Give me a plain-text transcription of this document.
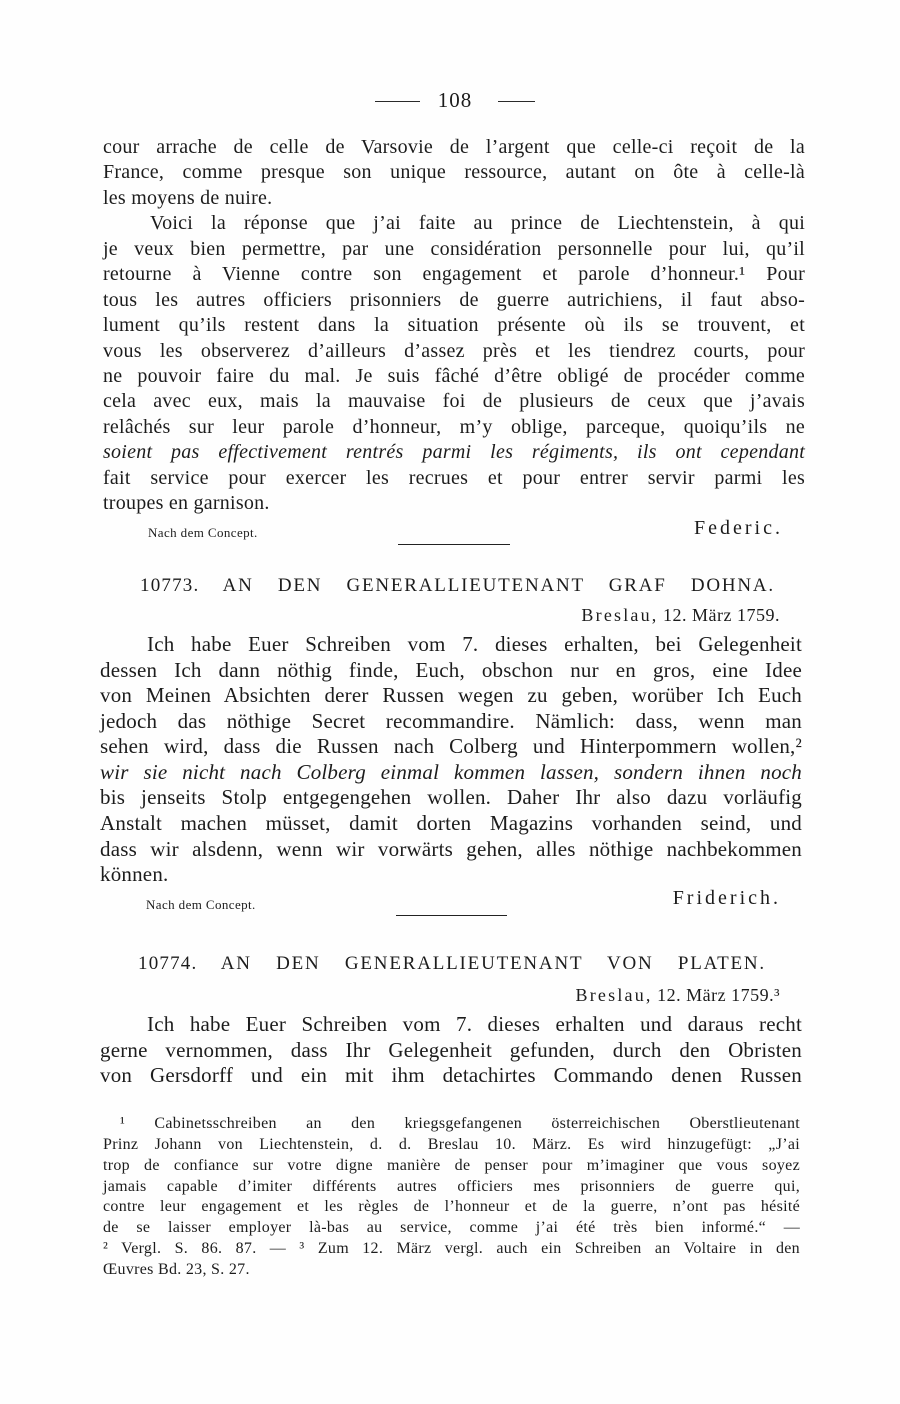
108
cour arrache de celle de Varsovie de l’argent que celle-ci reçoit de la
France, comme presque son unique ressource, autant on ôte à celle-là
les moyens de nuire.
Voici la réponse que j’ai faite au prince de Liechtenstein, à qui
je veux bien permettre, par une considération personnelle pour lui, qu’il
retourne à Vienne contre son engagement et parole d’honneur.¹ Pour
tous les autres officiers prisonniers de guerre autrichiens, il faut abso-
lument qu’ils restent dans la situation présente où ils se trouvent, et
vous les observerez d’ailleurs d’assez près et les tiendrez courts, pour
ne pouvoir faire du mal. Je suis fâché d’être obligé de procéder comme
cela avec eux, mais la mauvaise foi de plusieurs de ceux que j’avais
relâchés sur leur parole d’honneur, m’y oblige, parceque, quoiqu’ils ne
soient pas effectivement rentrés parmi les régiments, ils ont cependant
fait service pour exercer les recrues et pour entrer servir parmi les
troupes en garnison.
Nach dem Concept.	Federic.
10773. AN DEN GENERALLIEUTENANT GRAF DOHNA.
Breslau, 12. März 1759.
Ich habe Euer Schreiben vom 7. dieses erhalten, bei Gelegenheit
dessen Ich dann nöthig finde, Euch, obschon nur en gros, eine Idee
von Meinen Absichten derer Russen wegen zu geben, worüber Ich Euch
jedoch das nöthige Secret recommandire. Nämlich: dass, wenn man
sehen wird, dass die Russen nach Colberg und Hinterpommern wollen,²
wir sie nicht nach Colberg einmal kommen lassen, sondern ihnen noch
bis jenseits Stolp entgegengehen wollen. Daher Ihr also dazu vorläufig
Anstalt machen müsset, damit dorten Magazins vorhanden seind, und
dass wir alsdenn, wenn wir vorwärts gehen, alles nöthige nachbekommen
können.
Nach dem Concept.	Friderich.
10774. AN DEN GENERALLIEUTENANT VON PLATEN.
Breslau, 12. März 1759.³
Ich habe Euer Schreiben vom 7. dieses erhalten und daraus recht
gerne vernommen, dass Ihr Gelegenheit gefunden, durch den Obristen
von Gersdorff und ein mit ihm detachirtes Commando denen Russen
¹ Cabinetsschreiben an den kriegsgefangenen österreichischen Oberstlieutenant
Prinz Johann von Liechtenstein, d. d. Breslau 10. März. Es wird hinzugefügt: „J’ai
trop de confiance sur votre digne manière de penser pour m’imaginer que vous soyez
jamais capable d’imiter différents autres officiers mes prisonniers de guerre qui,
contre leur engagement et les règles de l’honneur et de la guerre, n’ont pas hésité
de se laisser employer là-bas au service, comme j’ai été très bien informé.“ —
² Vergl. S. 86. 87. — ³ Zum 12. März vergl. auch ein Schreiben an Voltaire in den
Œuvres Bd. 23, S. 27.
